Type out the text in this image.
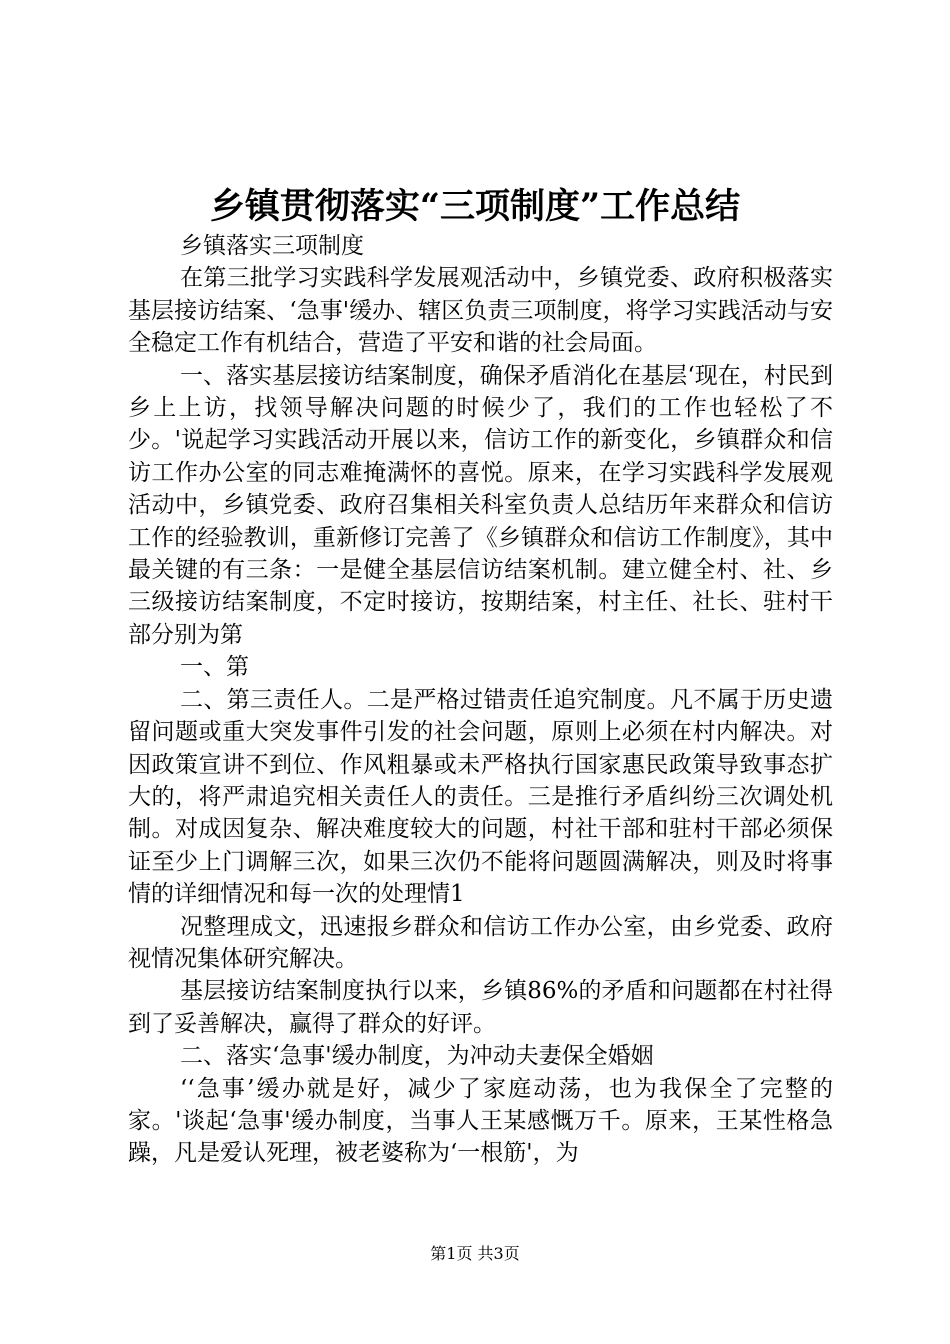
乡镇贯彻落实“三项制度”工作总结

乡镇落实三项制度

在第三批学习实践科学发展观活动中，乡镇党委、政府积极落实基层接访结案、‘急事'缓办、辖区负责三项制度，将学习实践活动与安全稳定工作有机结合，营造了平安和谐的社会局面。

一、落实基层接访结案制度，确保矛盾消化在基层‘现在，村民到乡上上访，找领导解决问题的时候少了，我们的工作也轻松了不少。'说起学习实践活动开展以来，信访工作的新变化，乡镇群众和信访工作办公室的同志难掩满怀的喜悦。原来，在学习实践科学发展观活动中，乡镇党委、政府召集相关科室负责人总结历年来群众和信访工作的经验教训，重新修订完善了《乡镇群众和信访工作制度》，其中最关键的有三条：一是健全基层信访结案机制。建立健全村、社、乡三级接访结案制度，不定时接访，按期结案，村主任、社长、驻村干部分别为第

一、第

二、第三责任人。二是严格过错责任追究制度。凡不属于历史遗留问题或重大突发事件引发的社会问题，原则上必须在村内解决。对因政策宣讲不到位、作风粗暴或未严格执行国家惠民政策导致事态扩大的，将严肃追究相关责任人的责任。三是推行矛盾纠纷三次调处机制。对成因复杂、解决难度较大的问题，村社干部和驻村干部必须保证至少上门调解三次，如果三次仍不能将问题圆满解决，则及时将事情的详细情况和每一次的处理情1

况整理成文，迅速报乡群众和信访工作办公室，由乡党委、政府视情况集体研究解决。

基层接访结案制度执行以来，乡镇86%的矛盾和问题都在村社得到了妥善解决，赢得了群众的好评。

二、落实‘急事'缓办制度，为冲动夫妻保全婚姻

‘‘急事’缓办就是好，减少了家庭动荡，也为我保全了完整的家。'谈起‘急事'缓办制度，当事人王某感慨万千。原来，王某性格急躁，凡是爱认死理，被老婆称为‘一根筋'，为

第1页 共3页
